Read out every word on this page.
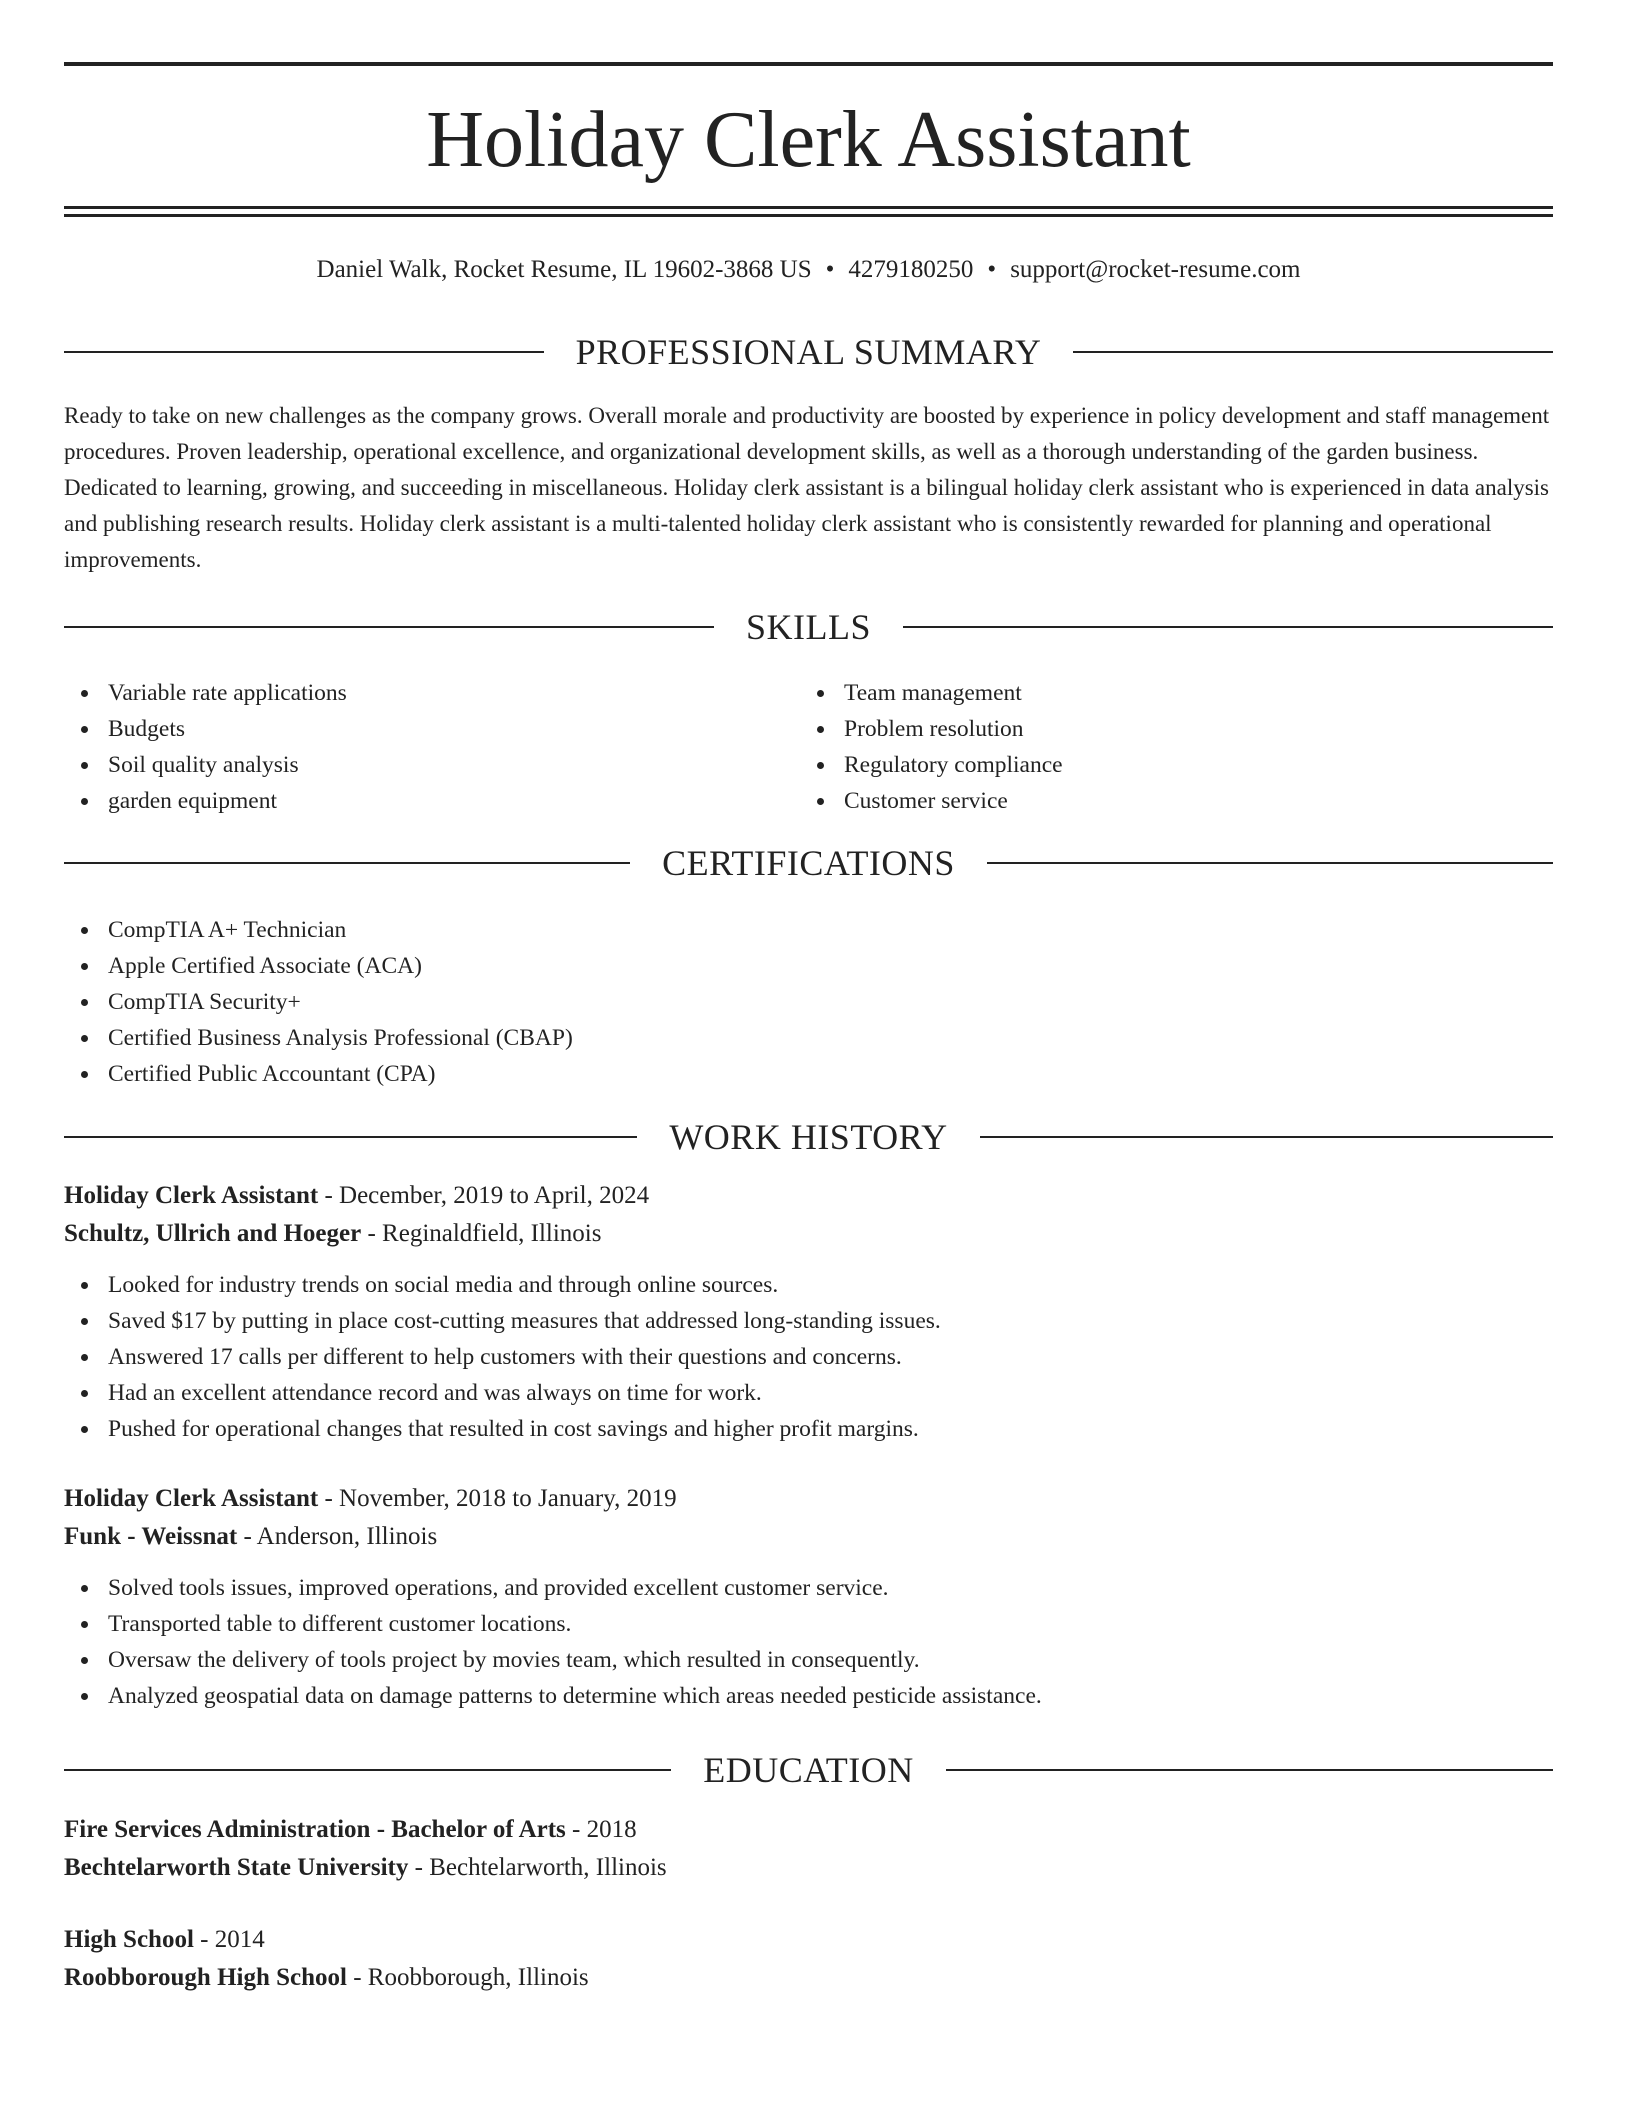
Holiday Clerk Assistant
Daniel Walk, Rocket Resume, IL 19602-3868 US • 4279180250 • support@rocket-resume.com
PROFESSIONAL SUMMARY

Ready to take on new challenges as the company grows. Overall morale and productivity are boosted by experience in policy development and staff management procedures. Proven leadership, operational excellence, and organizational development skills, as well as a thorough understanding of the garden business. Dedicated to learning, growing, and succeeding in miscellaneous. Holiday clerk assistant is a bilingual holiday clerk assistant who is experienced in data analysis and publishing research results. Holiday clerk assistant is a multi-talented holiday clerk assistant who is consistently rewarded for planning and operational improvements.

SKILLS
Variable rate applications
Budgets
Soil quality analysis
garden equipment
Team management
Problem resolution
Regulatory compliance
Customer service
CERTIFICATIONS
CompTIA A+ Technician
Apple Certified Associate (ACA)
CompTIA Security+
Certified Business Analysis Professional (CBAP)
Certified Public Accountant (CPA)
WORK HISTORY
Holiday Clerk Assistant - December, 2019 to April, 2024
Schultz, Ullrich and Hoeger - Reginaldfield, Illinois
Looked for industry trends on social media and through online sources.
Saved $17 by putting in place cost-cutting measures that addressed long-standing issues.
Answered 17 calls per different to help customers with their questions and concerns.
Had an excellent attendance record and was always on time for work.
Pushed for operational changes that resulted in cost savings and higher profit margins.
Holiday Clerk Assistant - November, 2018 to January, 2019
Funk - Weissnat - Anderson, Illinois
Solved tools issues, improved operations, and provided excellent customer service.
Transported table to different customer locations.
Oversaw the delivery of tools project by movies team, which resulted in consequently.
Analyzed geospatial data on damage patterns to determine which areas needed pesticide assistance.
EDUCATION
Fire Services Administration - Bachelor of Arts - 2018
Bechtelarworth State University - Bechtelarworth, Illinois
High School - 2014
Roobborough High School - Roobborough, Illinois
